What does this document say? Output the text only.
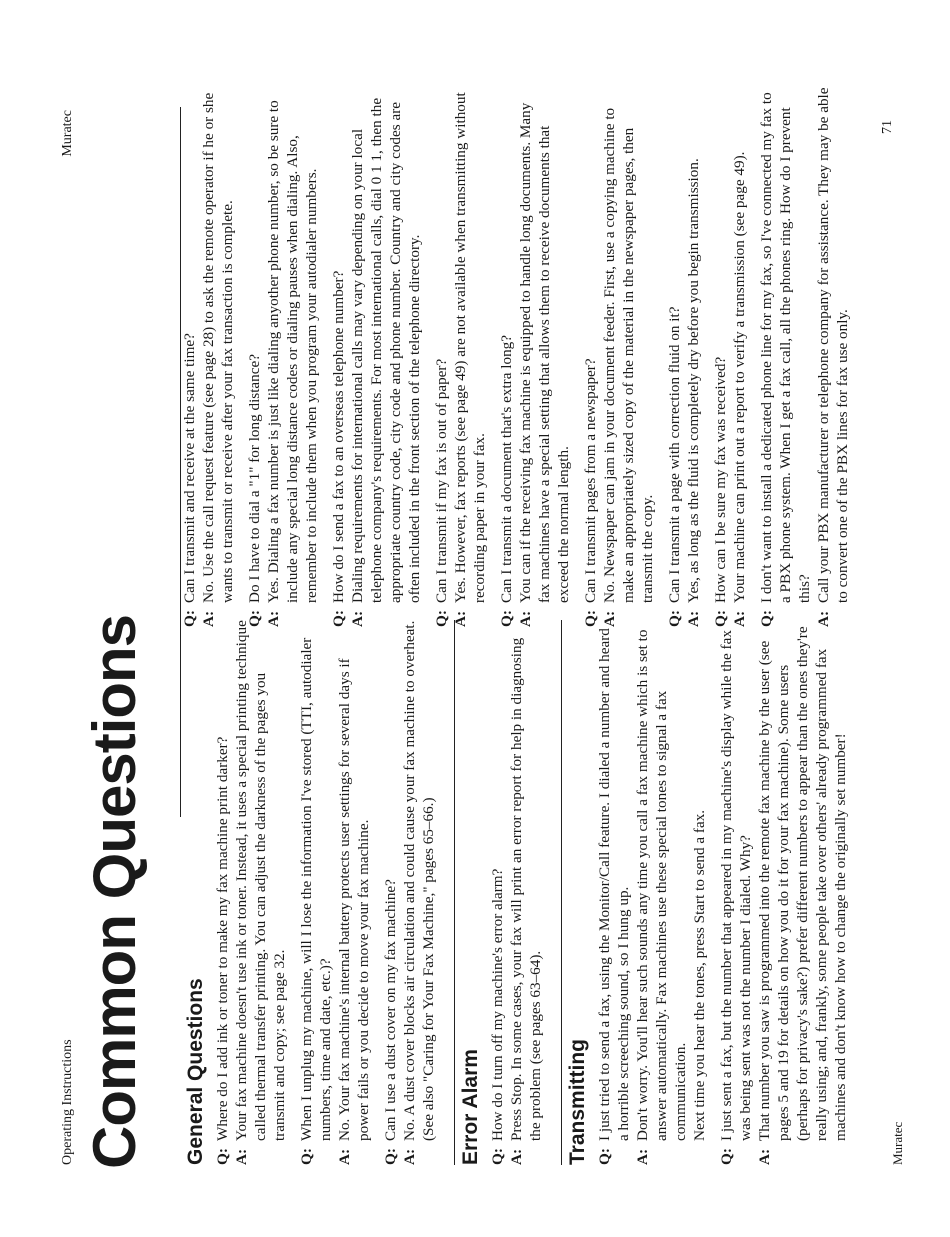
Operating Instructions
Muratec
Common Questions General Questions Q:
Where do I add ink or toner to make my fax machine print darker?
A:
Your fax machine doesn't use ink or toner. Instead, it uses a special printing technique called thermal transfer printing. You can adjust the darkness of the pages you transmit and copy; see page 32.
Q:
When I unplug my machine, will I lose the information I've stored (TTI, autodialer numbers, time and date, etc.)?
A:
No. Your fax machine's internal battery protects user settings for several days if power fails or you decide to move your fax machine.
Q:
Can I use a dust cover on my fax machine?
A:
No. A dust cover blocks air circulation and could cause your fax machine to overheat. (See also "Caring for Your Fax Machine," pages 65–66.) Error Alarm Q:
How do I turn off my machine's error alarm?
A:
Press Stop. In some cases, your fax will print an error report for help in diagnosing the problem (see pages 63–64). Transmitting Q:
I just tried to send a fax, using the Monitor/Call feature. I dialed a number and heard a horrible screeching sound, so I hung up.
A:
Don't worry. You'll hear such sounds any time you call a fax machine which is set to answer automatically. Fax machines use these special tones to signal a fax communication. Next time you hear the tones, press Start to send a fax.
Q:
I just sent a fax, but the number that appeared in my machine's display while the fax was being sent was not the number I dialed. Why?
A:
That number you saw is programmed into the remote fax machine by the user (see pages 5 and 19 for details on how you do it for your fax machine). Some users (perhaps for privacy's sake?) prefer different numbers to appear than the ones they're really using; and, frankly, some people take over others' already programmed fax machines and don't know how to change the originally set number!
Q:
Can I transmit and receive at the same time?
A:
No. Use the call request feature (see page 28) to ask the remote operator if he or she wants to transmit or receive after your fax transaction is complete.
Q:
Do I have to dial a "1" for long distance?
A:
Yes. Dialing a fax number is just like dialing anyother phone number, so be sure to include any special long distance codes or dialing pauses when dialing. Also, remember to include them when you program your autodialer numbers.
Q:
How do I send a fax to an overseas telephone number?
A:
Dialing requirements for international calls may vary depending on your local telephone company's requirements. For most international calls, dial 0 1 1, then the appropriate country code, city code and phone number. Country and city codes are often included in the front section of the telephone directory.
Q:
Can I transmit if my fax is out of paper?
A:
Yes. However, fax reports (see page 49) are not available when transmitting without recording paper in your fax.
Q:
Can I transmit a document that's extra long?
A:
You can if the receiving fax machine is equipped to handle long documents. Many fax machines have a special setting that allows them to receive documents that exceed the normal length.
Q:
Can I transmit pages from a newspaper?
A:
No. Newspaper can jam in your document feeder. First, use a copying machine to make an appropriately sized copy of the material in the newspaper pages, then transmit the copy.
Q:
Can I transmit a page with correction fluid on it?
A:
Yes, as long as the fluid is completely dry before you begin transmission.
Q:
How can I be sure my fax was received?
A:
Your machine can print out a report to verify a transmission (see page 49).
Q:
I don't want to install a dedicated phone line for my fax, so I've connected my fax to a PBX phone system. When I get a fax call, all the phones ring. How do I prevent this?
A:
Call your PBX manufacturer or telephone company for assistance. They may be able to convert one of the PBX lines for fax use only.
Muratec
71
